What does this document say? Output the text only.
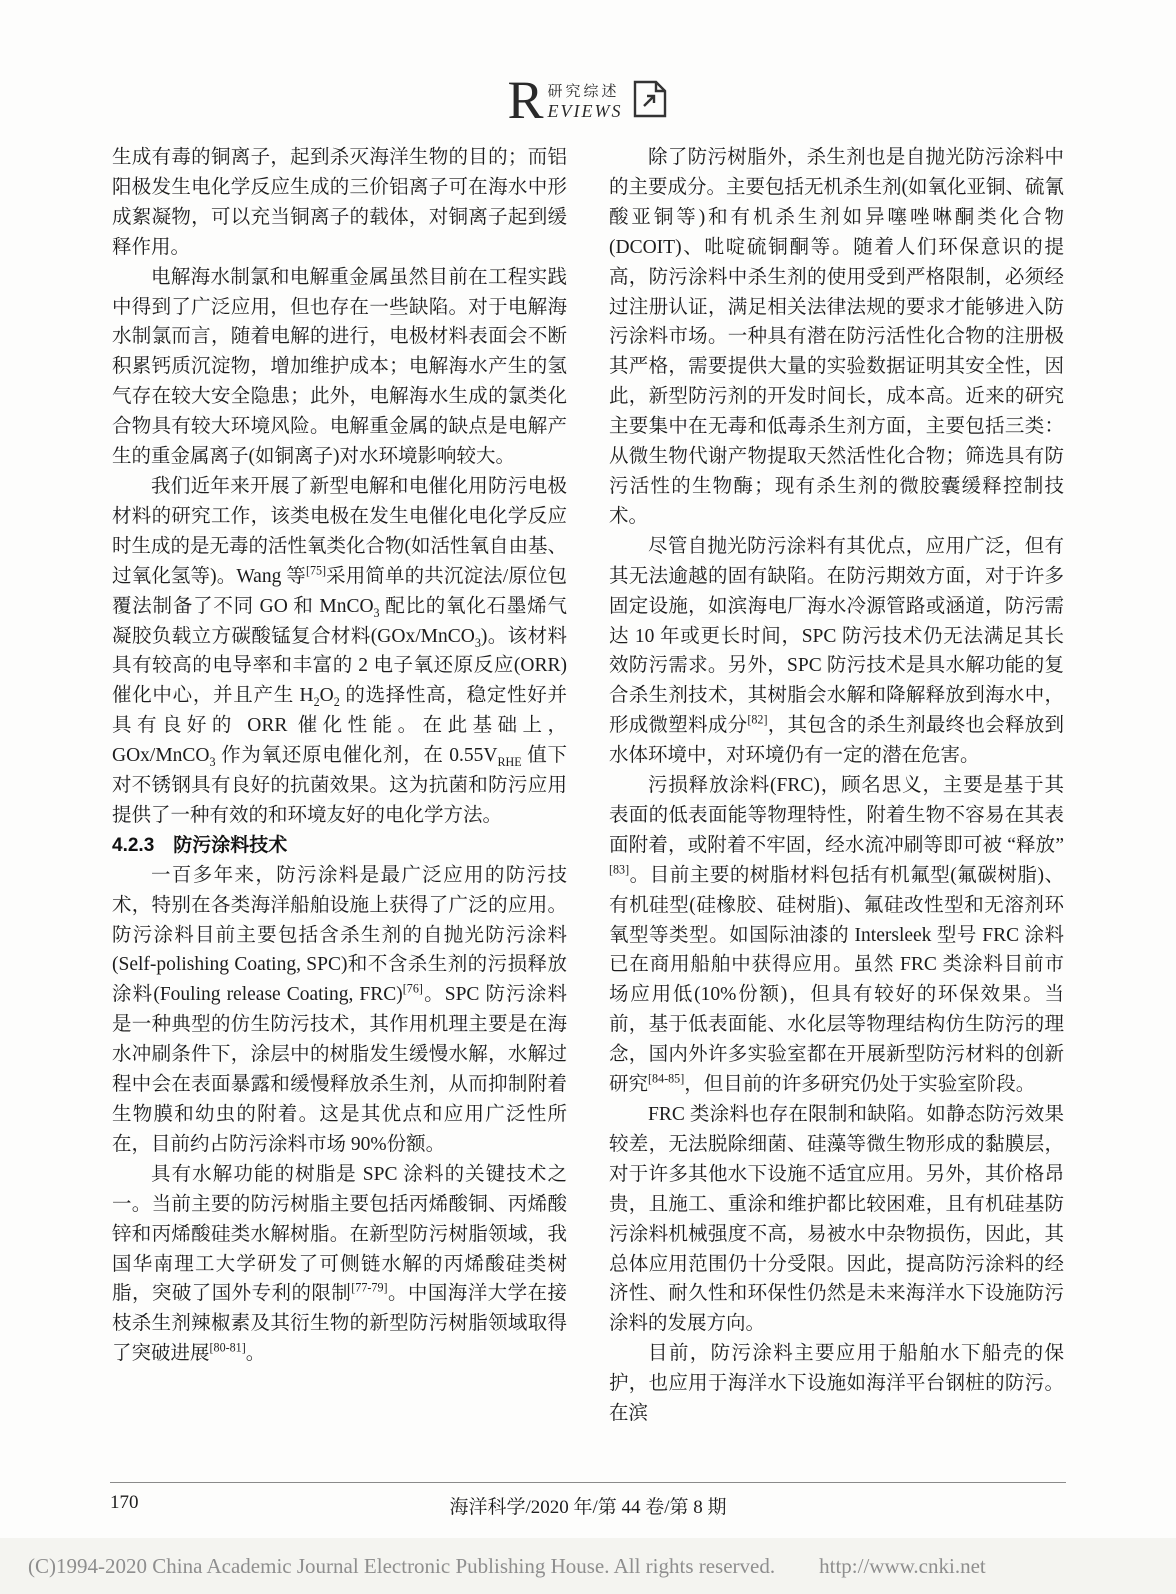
R 研究综述
EVIEWS

生成有毒的铜离子，起到杀灭海洋生物的目的；而铝阳极发生电化学反应生成的三价铝离子可在海水中形成絮凝物，可以充当铜离子的载体，对铜离子起到缓释作用。

电解海水制氯和电解重金属虽然目前在工程实践中得到了广泛应用，但也存在一些缺陷。对于电解海水制氯而言，随着电解的进行，电极材料表面会不断积累钙质沉淀物，增加维护成本；电解海水产生的氢气存在较大安全隐患；此外，电解海水生成的氯类化合物具有较大环境风险。电解重金属的缺点是电解产生的重金属离子(如铜离子)对水环境影响较大。

我们近年来开展了新型电解和电催化用防污电极材料的研究工作，该类电极在发生电催化电化学反应时生成的是无毒的活性氧类化合物(如活性氧自由基、过氧化氢等)。Wang 等[75]采用简单的共沉淀法/原位包覆法制备了不同 GO 和 MnCO$_3$ 配比的氧化石墨烯气凝胶负载立方碳酸锰复合材料(GOx/MnCO$_3$)。该材料具有较高的电导率和丰富的 2 电子氧还原反应(ORR)催化中心，并且产生 $H_2O_2$ 的选择性高，稳定性好并具有良好的 ORR 催化性能。在此基础上，GOx/MnCO$_3$ 作为氧还原电催化剂，在 $0.55V_{RHE}$ 值下对不锈钢具有良好的抗菌效果。这为抗菌和防污应用提供了一种有效的和环境友好的电化学方法。

4.2.3　防污涂料技术

一百多年来，防污涂料是最广泛应用的防污技术，特别在各类海洋船舶设施上获得了广泛的应用。防污涂料目前主要包括含杀生剂的自抛光防污涂料(Self-polishing Coating, SPC)和不含杀生剂的污损释放涂料(Fouling release Coating, FRC)[76]。SPC 防污涂料是一种典型的仿生防污技术，其作用机理主要是在海水冲刷条件下，涂层中的树脂发生缓慢水解，水解过程中会在表面暴露和缓慢释放杀生剂，从而抑制附着生物膜和幼虫的附着。这是其优点和应用广泛性所在，目前约占防污涂料市场 90%份额。

具有水解功能的树脂是 SPC 涂料的关键技术之一。当前主要的防污树脂主要包括丙烯酸铜、丙烯酸锌和丙烯酸硅类水解树脂。在新型防污树脂领域，我国华南理工大学研发了可侧链水解的丙烯酸硅类树脂，突破了国外专利的限制[77-79]。中国海洋大学在接枝杀生剂辣椒素及其衍生物的新型防污树脂领域取得了突破进展[80-81]。

除了防污树脂外，杀生剂也是自抛光防污涂料中的主要成分。主要包括无机杀生剂(如氧化亚铜、硫氰酸亚铜等)和有机杀生剂如异噻唑啉酮类化合物(DCOIT)、吡啶硫铜酮等。随着人们环保意识的提高，防污涂料中杀生剂的使用受到严格限制，必须经过注册认证，满足相关法律法规的要求才能够进入防污涂料市场。一种具有潜在防污活性化合物的注册极其严格，需要提供大量的实验数据证明其安全性，因此，新型防污剂的开发时间长，成本高。近来的研究主要集中在无毒和低毒杀生剂方面，主要包括三类：从微生物代谢产物提取天然活性化合物；筛选具有防污活性的生物酶；现有杀生剂的微胶囊缓释控制技术。

尽管自抛光防污涂料有其优点，应用广泛，但有其无法逾越的固有缺陷。在防污期效方面，对于许多固定设施，如滨海电厂海水冷源管路或涵道，防污需达 10 年或更长时间，SPC 防污技术仍无法满足其长效防污需求。另外，SPC 防污技术是具水解功能的复合杀生剂技术，其树脂会水解和降解释放到海水中，形成微塑料成分[82]，其包含的杀生剂最终也会释放到水体环境中，对环境仍有一定的潜在危害。

污损释放涂料(FRC)，顾名思义，主要是基于其表面的低表面能等物理特性，附着生物不容易在其表面附着，或附着不牢固，经水流冲刷等即可被 “释放” [83]。目前主要的树脂材料包括有机氟型(氟碳树脂)、有机硅型(硅橡胶、硅树脂)、氟硅改性型和无溶剂环氧型等类型。如国际油漆的 Intersleek 型号 FRC 涂料已在商用船舶中获得应用。虽然 FRC 类涂料目前市场应用低(10%份额)，但具有较好的环保效果。当前，基于低表面能、水化层等物理结构仿生防污的理念，国内外许多实验室都在开展新型防污材料的创新研究[84-85]，但目前的许多研究仍处于实验室阶段。

FRC 类涂料也存在限制和缺陷。如静态防污效果较差，无法脱除细菌、硅藻等微生物形成的黏膜层，对于许多其他水下设施不适宜应用。另外，其价格昂贵，且施工、重涂和维护都比较困难，且有机硅基防污涂料机械强度不高，易被水中杂物损伤，因此，其总体应用范围仍十分受限。因此，提高防污涂料的经济性、耐久性和环保性仍然是未来海洋水下设施防污涂料的发展方向。

目前，防污涂料主要应用于船舶水下船壳的保护，也应用于海洋水下设施如海洋平台钢桩的防污。在滨

170	海洋科学/2020 年/第 44 卷/第 8 期
(C)1994-2020 China Academic Journal Electronic Publishing House. All rights reserved. http://www.cnki.net
